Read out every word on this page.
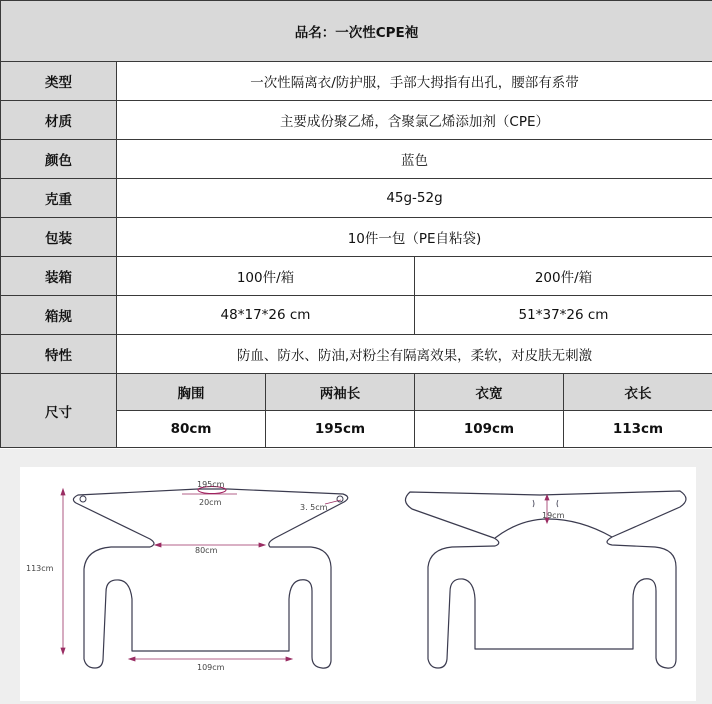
品名：一次性CPE袍				
类型	一次性隔离衣/防护服，手部大拇指有出孔，腰部有系带			
材质	主要成份聚乙烯，含聚氯乙烯添加剂（CPE）			
颜色	蓝色			
克重	45g-52g			
包装	10件一包（PE自粘袋)			
装箱	100件/箱		200件/箱	
箱规	48*17*26 cm		51*37*26 cm	
特性	防血、防水、防油,对粉尘有隔离效果，柔软，对皮肤无刺激			
尺寸	胸围	两袖长	衣宽	衣长
	80cm	195cm	109cm	113cm
195cm
20cm
3. 5cm
80cm
113cm
109cm
19cm
